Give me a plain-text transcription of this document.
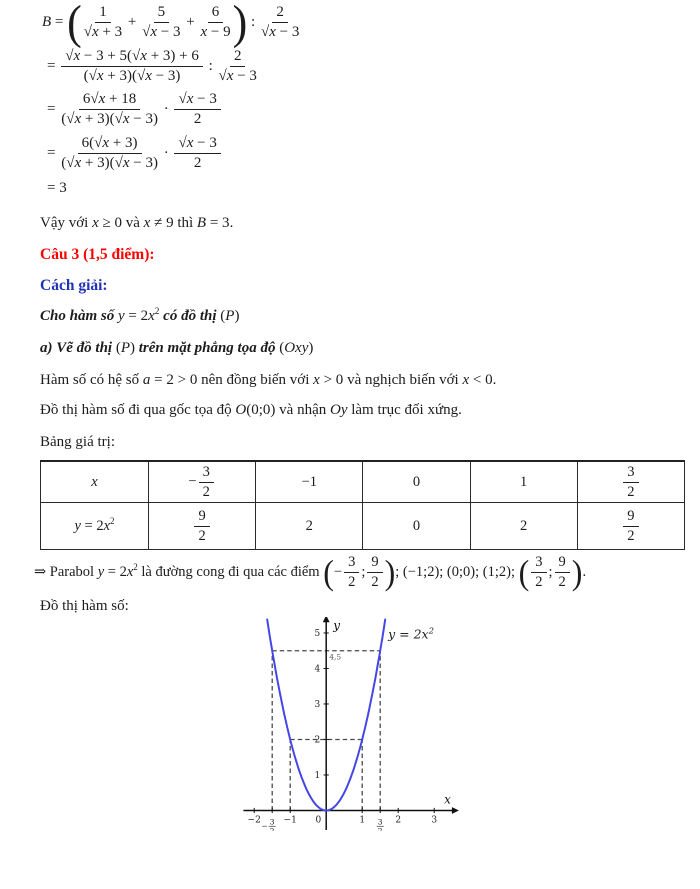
B = ( $\frac{1}{√x + 3} + \frac{5}{√x - 3} + \frac{6}{x - 9}$ ) : $\frac{2}{√x - 3}$
= $\frac{√x - 3 + 5(√x + 3) + 6}{(√x + 3)(√x - 3)}$ : $\frac{2}{√x - 3}$
= $\frac{6√x + 18}{(√x + 3)(√x - 3)} \cdot \frac{√x - 3}{2}$
= $\frac{6(√x + 3)}{(√x + 3)(√x - 3)} \cdot \frac{√x - 3}{2}$
= 3

Vậy với x ≥ 0 và x ≠ 9 thì B = 3.

Câu 3 (1,5 điểm):

Cách giải:

Cho hàm số $y = 2x^2$ có đồ thị (P)

a) Vẽ đồ thị (P) trên mặt phẳng tọa độ (Oxy)

Hàm số có hệ số a = 2 > 0 nên đồng biến với x > 0 và nghịch biến với x < 0.

Đồ thị hàm số đi qua gốc tọa độ O(0;0) và nhận Oy làm trục đối xứng.

Bảng giá trị:

x	− $\frac{3}{2}$	−1	0	1	$\frac{3}{2}$

$y = 2x^2$	$\frac{9}{2}$	2	0	2	$\frac{9}{2}$
⇒ Parabol $y = 2x^2$ là đường cong đi qua các điểm ( − $\frac{3}{2}$ ; $\frac{9}{2}$ ) ; (−1;2); (0;0); (1;2); ( $\frac{3}{2}$ ; $\frac{9}{2}$ ) .

Đồ thị hàm số:

−2	−1	1	2	3
0
− 3
2
3
2
1
2
3
4
5
x
y
4,5
$y = 2x^2$
